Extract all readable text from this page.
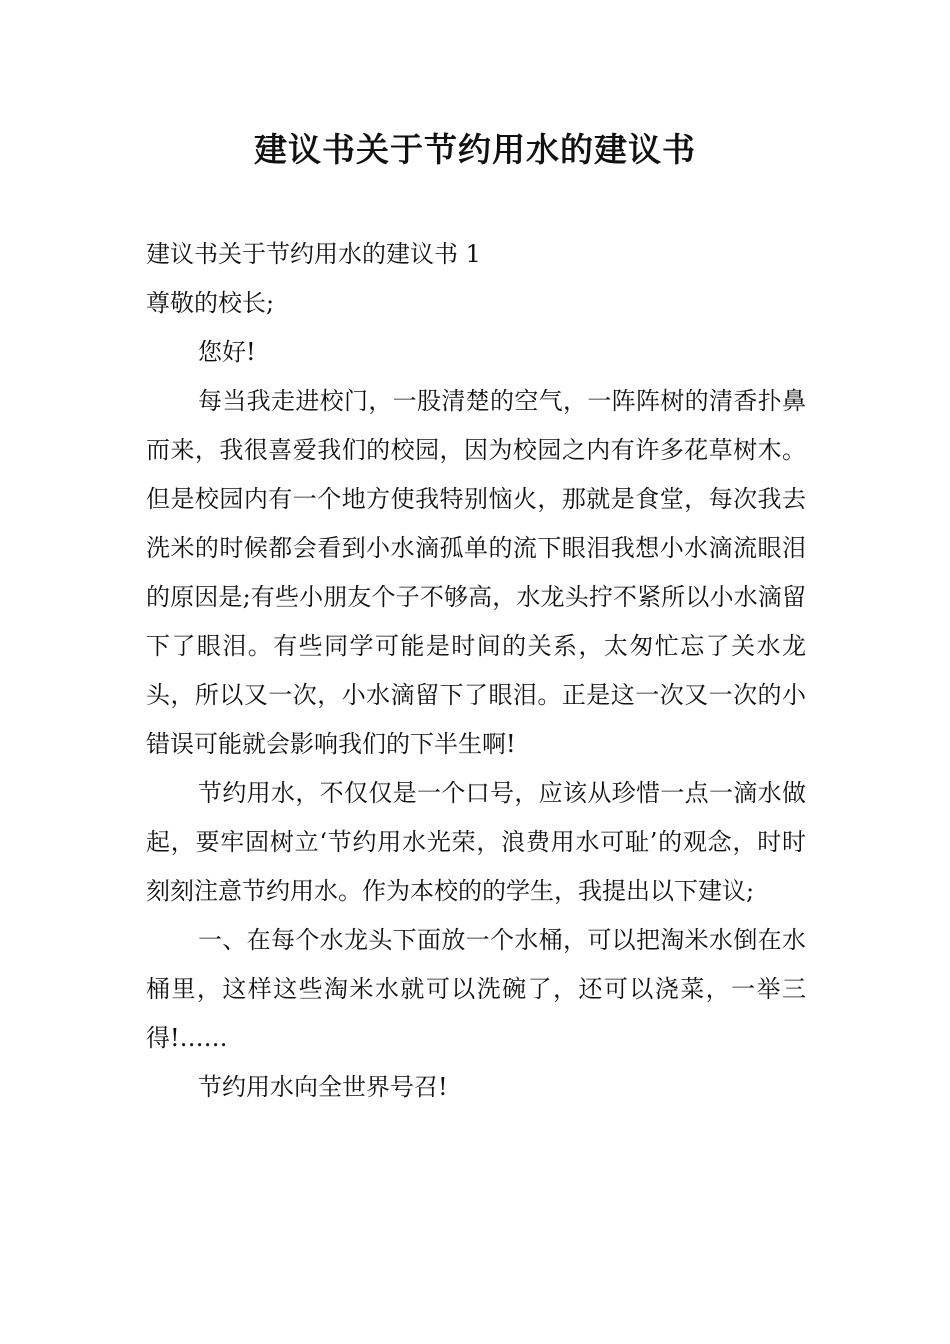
建议书关于节约用水的建议书

建议书关于节约用水的建议书 1

尊敬的校长;

您好!

每当我走进校门，一股清楚的空气，一阵阵树的清香扑鼻而来，我很喜爱我们的校园，因为校园之内有许多花草树木。但是校园内有一个地方使我特别恼火，那就是食堂，每次我去洗米的时候都会看到小水滴孤单的流下眼泪我想小水滴流眼泪的原因是;有些小朋友个子不够高，水龙头拧不紧所以小水滴留下了眼泪。有些同学可能是时间的关系，太匆忙忘了关水龙头，所以又一次，小水滴留下了眼泪。正是这一次又一次的小错误可能就会影响我们的下半生啊!

节约用水，不仅仅是一个口号，应该从珍惜一点一滴水做起，要牢固树立‘节约用水光荣，浪费用水可耻’的观念，时时刻刻注意节约用水。作为本校的的学生，我提出以下建议;

一、在每个水龙头下面放一个水桶，可以把淘米水倒在水桶里，这样这些淘米水就可以洗碗了，还可以浇菜，一举三得!……

节约用水向全世界号召!
